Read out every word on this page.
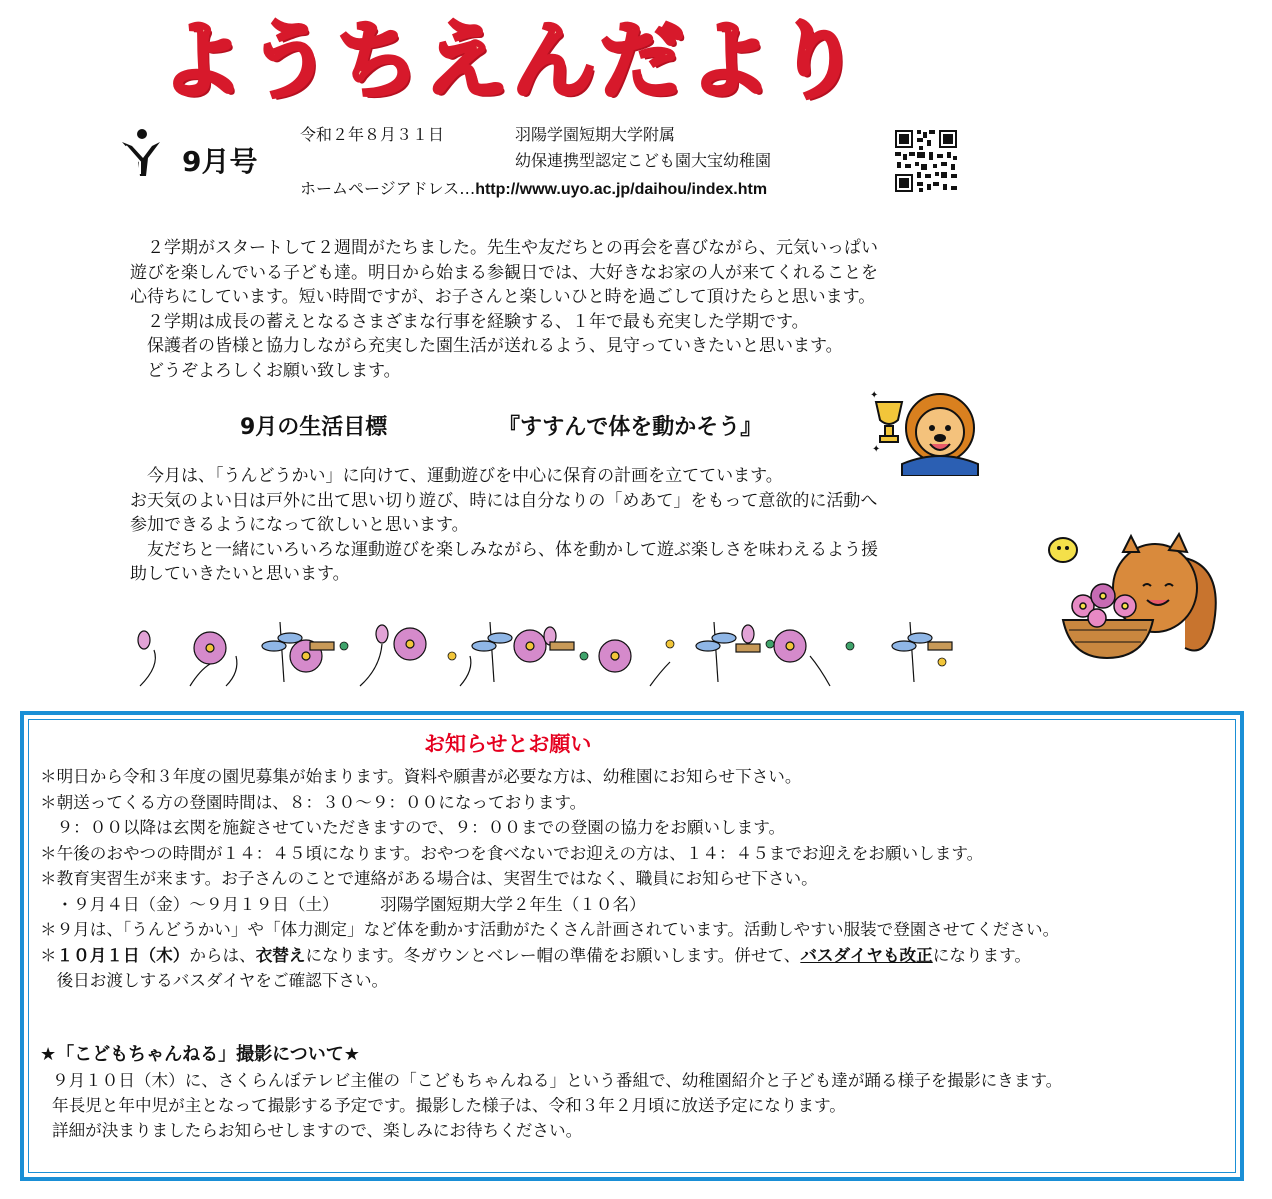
ようちえんだより
9月号
令和２年８月３１日	羽陽学園短期大学附属
幼保連携型認定こども園大宝幼稚園
ホームページアドレス…http://www.uyo.ac.jp/daihou/index.htm

２学期がスタートして２週間がたちました。先生や友だちとの再会を喜びながら、元気いっぱい

遊びを楽しんでいる子ども達。明日から始まる参観日では、大好きなお家の人が来てくれることを

心待ちにしています。短い時間ですが、お子さんと楽しいひと時を過ごして頂けたらと思います。

２学期は成長の蓄えとなるさまざまな行事を経験する、１年で最も充実した学期です。

保護者の皆様と協力しながら充実した園生活が送れるよう、見守っていきたいと思います。

どうぞよろしくお願い致します。

9月の生活目標	『すすんで体を動かそう』
✦
✦

今月は、「うんどうかい」に向けて、運動遊びを中心に保育の計画を立てています。

お天気のよい日は戸外に出て思い切り遊び、時には自分なりの「めあて」をもって意欲的に活動へ

参加できるようになって欲しいと思います。

友だちと一緒にいろいろな運動遊びを楽しみながら、体を動かして遊ぶ楽しさを味わえるよう援

助していきたいと思います。

お知らせとお願い
＊明日から令和３年度の園児募集が始まります。資料や願書が必要な方は、幼稚園にお知らせ下さい。
＊朝送ってくる方の登園時間は、８：３０～９：００になっております。
　９：００以降は玄関を施錠させていただきますので、９：００までの登園の協力をお願いします。
＊午後のおやつの時間が１４：４５頃になります。おやつを食べないでお迎えの方は、１４：４５までお迎えをお願いします。
＊教育実習生が来ます。お子さんのことで連絡がある場合は、実習生ではなく、職員にお知らせ下さい。
　・９月４日（金）～９月１９日（土）　　　羽陽学園短期大学２年生（１０名）
＊９月は、「うんどうかい」や「体力測定」など体を動かす活動がたくさん計画されています。活動しやすい服装で登園させてください。
＊１０月１日（木）からは、衣替えになります。冬ガウンとベレー帽の準備をお願いします。併せて、バスダイヤも改正になります。
　後日お渡しするバスダイヤをご確認下さい。
★「こどもちゃんねる」撮影について★

９月１０日（木）に、さくらんぼテレビ主催の「こどもちゃんねる」という番組で、幼稚園紹介と子ども達が踊る様子を撮影にきます。

年長児と年中児が主となって撮影する予定です。撮影した様子は、令和３年２月頃に放送予定になります。

詳細が決まりましたらお知らせしますので、楽しみにお待ちください。
